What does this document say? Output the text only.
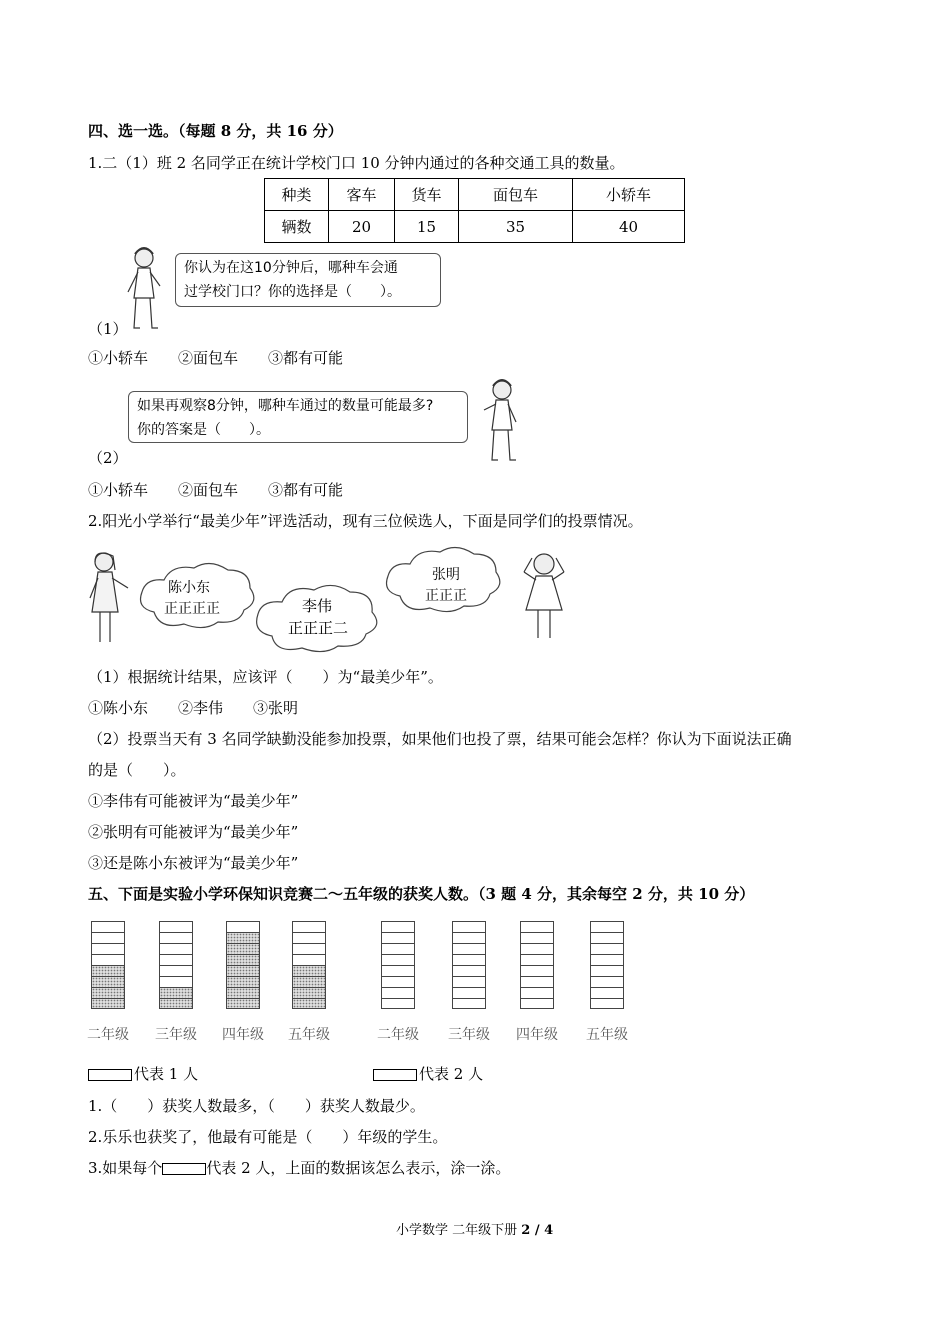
四、选一选。（每题 8 分，共 16 分）
1.二（1）班 2 名同学正在统计学校门口 10 分钟内通过的各种交通工具的数量。
种类	客车	货车	面包车	小轿车
辆数	20	15	35	40
你认为在这10分钟后，哪种车会通
过学校门口？你的选择是（　　）。
（1）
①小轿车　　②面包车　　③都有可能
如果再观察8分钟，哪种车通过的数量可能最多?
你的答案是（　　）。
（2）
①小轿车　　②面包车　　③都有可能
2.阳光小学举行“最美少年”评选活动，现有三位候选人，下面是同学们的投票情况。
陈小东
正正正正	李伟
正正正二
张明
正正正
（1）根据统计结果，应该评（　　）为“最美少年”。
①陈小东　　②李伟　　③张明
（2）投票当天有 3 名同学缺勤没能参加投票，如果他们也投了票，结果可能会怎样？你认为下面说法正确
的是（　　）。
①李伟有可能被评为“最美少年”
②张明有可能被评为“最美少年”
③还是陈小东被评为“最美少年”
五、下面是实验小学环保知识竞赛二～五年级的获奖人数。（3 题 4 分，其余每空 2 分，共 10 分）
二年级 三年级 四年级 五年级	二年级 三年级 四年级 五年级
代表 1 人	代表 2 人
1.（　　）获奖人数最多，（　　）获奖人数最少。
2.乐乐也获奖了，他最有可能是（　　）年级的学生。
3.如果每个	代表 2 人，上面的数据该怎么表示，涂一涂。
小学数学 二年级下册 2 / 4
